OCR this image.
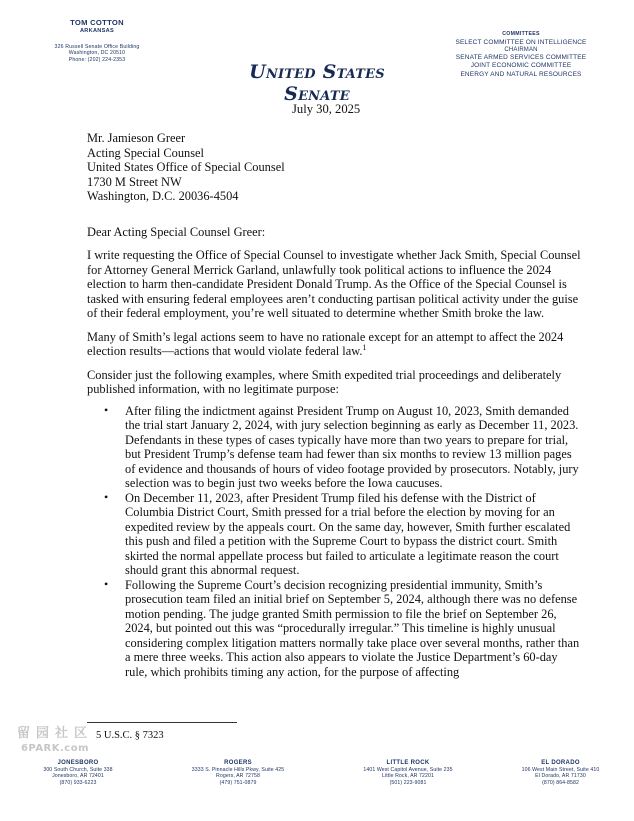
TOM COTTON
ARKANSAS
326 Russell Senate Office Building
Washington, DC 20510
Phone: (202) 224-2353
COMMITTEES
SELECT COMMITTEE ON INTELLIGENCE
CHAIRMAN
SENATE ARMED SERVICES COMMITTEE
JOINT ECONOMIC COMMITTEE
ENERGY AND NATURAL RESOURCES
United States Senate
July 30, 2025
Mr. Jamieson Greer
Acting Special Counsel
United States Office of Special Counsel
1730 M Street NW
Washington, D.C. 20036-4504

Dear Acting Special Counsel Greer:

I write requesting the Office of Special Counsel to investigate whether Jack Smith, Special Counsel for Attorney General Merrick Garland, unlawfully took political actions to influence the 2024 election to harm then-candidate President Donald Trump. As the Office of the Special Counsel is tasked with ensuring federal employees aren’t conducting partisan political activity under the guise of their federal employment, you’re well situated to determine whether Smith broke the law.

Many of Smith’s legal actions seem to have no rationale except for an attempt to affect the 2024 election results—actions that would violate federal law.$^1$

Consider just the following examples, where Smith expedited trial proceedings and deliberately published information, with no legitimate purpose:

• After filing the indictment against President Trump on August 10, 2023, Smith demanded the trial start January 2, 2024, with jury selection beginning as early as December 11, 2023. Defendants in these types of cases typically have more than two years to prepare for trial, but President Trump’s defense team had fewer than six months to review 13 million pages of evidence and thousands of hours of video footage provided by prosecutors. Notably, jury selection was to begin just two weeks before the Iowa caucuses.
• On December 11, 2023, after President Trump filed his defense with the District of Columbia District Court, Smith pressed for a trial before the election by moving for an expedited review by the appeals court. On the same day, however, Smith further escalated this push and filed a petition with the Supreme Court to bypass the district court. Smith skirted the normal appellate process but failed to articulate a legitimate reason the court should grant this abnormal request.
• Following the Supreme Court’s decision recognizing presidential immunity, Smith’s prosecution team filed an initial brief on September 5, 2024, although there was no defense motion pending. The judge granted Smith permission to file the brief on September 26, 2024, but pointed out this was “procedurally irregular.” This timeline is highly unusual considering complex litigation matters normally take place over several months, rather than a mere three weeks. This action also appears to violate the Justice Department’s 60-day rule, which prohibits timing any action, for the purpose of affecting
5 U.S.C. § 7323
留园社区
6PARK.com
JONESBORO
300 South Church, Suite 338
Jonesboro, AR 72401
(870) 933-6223
ROGERS
3333 S. Pinnacle Hills Pkwy, Suite 425
Rogers, AR 72758
(479) 751-0879
LITTLE ROCK
1401 West Capitol Avenue, Suite 235
Little Rock, AR 72201
(501) 223-9081
EL DORADO
106 West Main Street, Suite 410
El Dorado, AR 71730
(870) 864-8582
